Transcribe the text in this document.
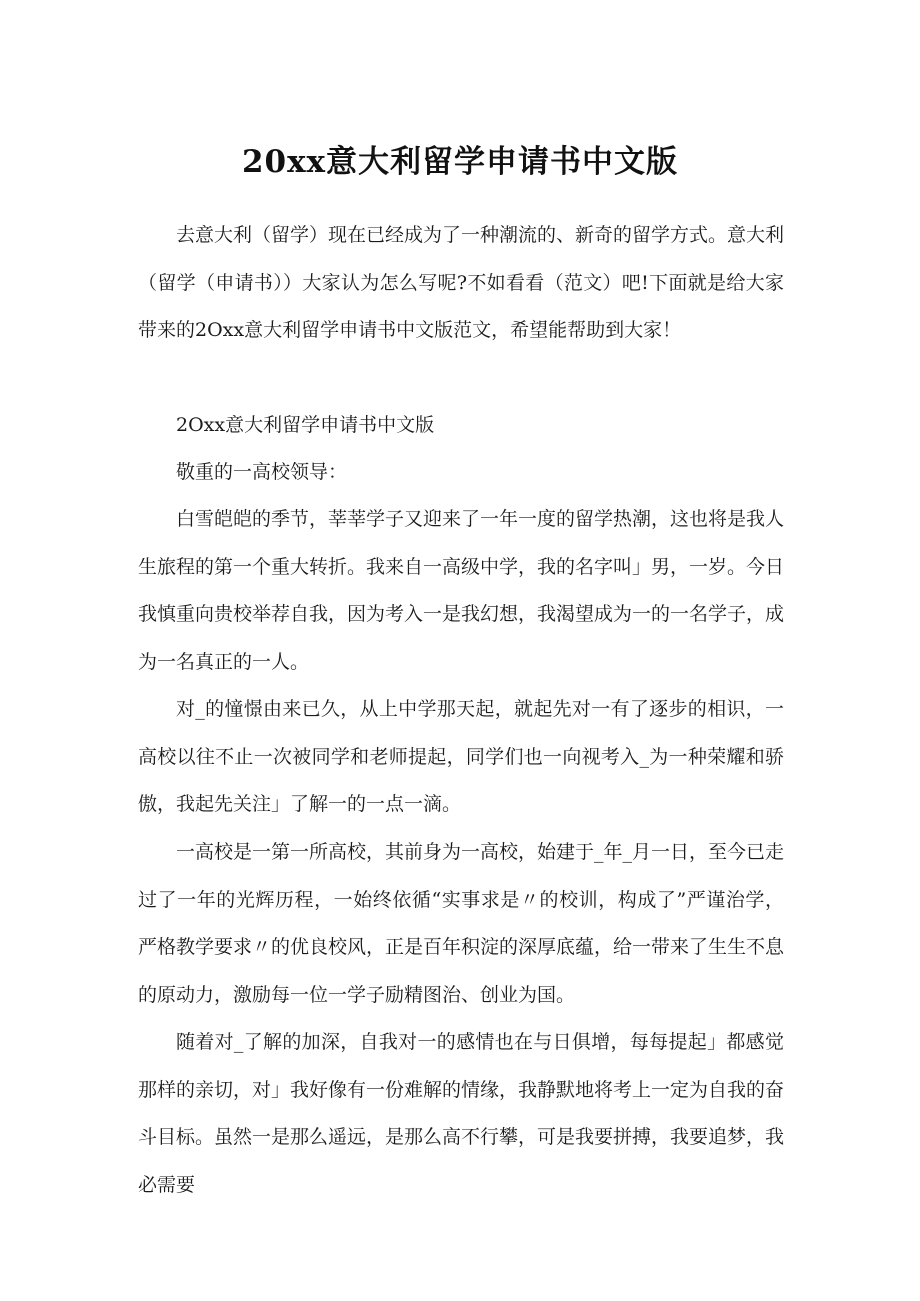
20xx意大利留学申请书中文版

去意大利（留学）现在已经成为了一种潮流的、新奇的留学方式。意大利（留学（申请书））大家认为怎么写呢?不如看看（范文）吧!下面就是给大家带来的2Oxx意大利留学申请书中文版范文，希望能帮助到大家！

2Oxx意大利留学申请书中文版

敬重的一高校领导：

白雪皑皑的季节，莘莘学子又迎来了一年一度的留学热潮，这也将是我人生旅程的第一个重大转折。我来自一高级中学，我的名字叫」男，一岁。今日我慎重向贵校举荐自我，因为考入一是我幻想，我渴望成为一的一名学子，成为一名真正的一人。

对_的憧憬由来已久，从上中学那天起，就起先对一有了逐步的相识，一高校以往不止一次被同学和老师提起，同学们也一向视考入_为一种荣耀和骄傲，我起先关注」了解一的一点一滴。

一高校是一第一所高校，其前身为一高校，始建于_年_月一日，至今已走过了一年的光辉历程，一始终依循“实事求是〃的校训，构成了”严谨治学，严格教学要求〃的优良校风，正是百年积淀的深厚底蕴，给一带来了生生不息的原动力，激励每一位一学子励精图治、创业为国。

随着对_了解的加深，自我对一的感情也在与日俱增，每每提起」都感觉那样的亲切，对」我好像有一份难解的情缘，我静默地将考上一定为自我的奋斗目标。虽然一是那么遥远，是那么高不行攀，可是我要拼搏，我要追梦，我必需要
